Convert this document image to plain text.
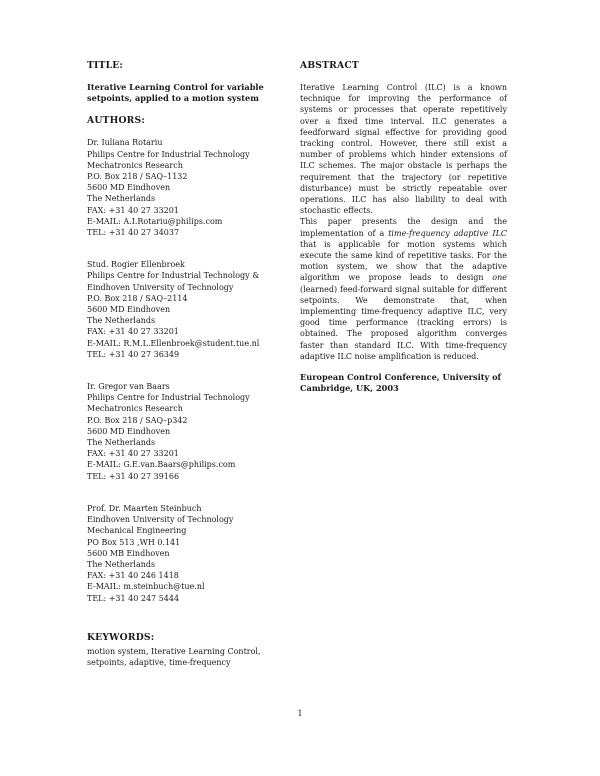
TITLE:

Iterative Learning Control for variable setpoints, applied to a motion system

AUTHORS:
Dr. Iuliana Rotariu
Philips Centre for Industrial Technology
Mechatronics Research
P.O. Box 218 / SAQ–1132
5600 MD Eindhoven
The Netherlands
FAX: +31 40 27 33201
E-MAIL: A.I.Rotariu@philips.com
TEL: +31 40 27 34037
Stud. Rogier Ellenbroek
Philips Centre for Industrial Technology &
Eindhoven University of Technology
P.O. Box 218 / SAQ–2114
5600 MD Eindhoven
The Netherlands
FAX: +31 40 27 33201
E-MAIL: R.M.L.Ellenbroek@student.tue.nl
TEL: +31 40 27 36349
Ir. Gregor van Baars
Philips Centre for Industrial Technology
Mechatronics Research
P.O. Box 218 / SAQ–p342
5600 MD Eindhoven
The Netherlands
FAX: +31 40 27 33201
E-MAIL: G.E.van.Baars@philips.com
TEL: +31 40 27 39166
Prof. Dr. Maarten Steinbuch
Eindhoven University of Technology
Mechanical Engineering
PO Box 513 ,WH 0.141
5600 MB Eindhoven
The Netherlands
FAX: +31 40 246 1418
E-MAIL: m.steinbuch@tue.nl
TEL: +31 40 247 5444
KEYWORDS:

motion system, Iterative Learning Control, setpoints, adaptive, time-frequency

ABSTRACT

Iterative Learning Control (ILC) is a known technique for improving the performance of systems or processes that operate repetitively over a fixed time interval. ILC generates a feedforward signal effective for providing good tracking control. However, there still exist a number of problems which hinder extensions of ILC schemes. The major obstacle is perhaps the requirement that the trajectory (or repetitive disturbance) must be strictly repeatable over operations. ILC has also liability to deal with stochastic effects.

This paper presents the design and the implementation of a time-frequency adaptive ILC that is applicable for motion systems which execute the same kind of repetitive tasks. For the motion system, we show that the adaptive algorithm we propose leads to design one (learned) feed-forward signal suitable for different setpoints. We demonstrate that, when implementing time-frequency adaptive ILC, very good time performance (tracking errors) is obtained. The proposed algorithm converges faster than standard ILC. With time-frequency adaptive ILC noise amplification is reduced.

European Control Conference, University of Cambridge, UK, 2003

1
